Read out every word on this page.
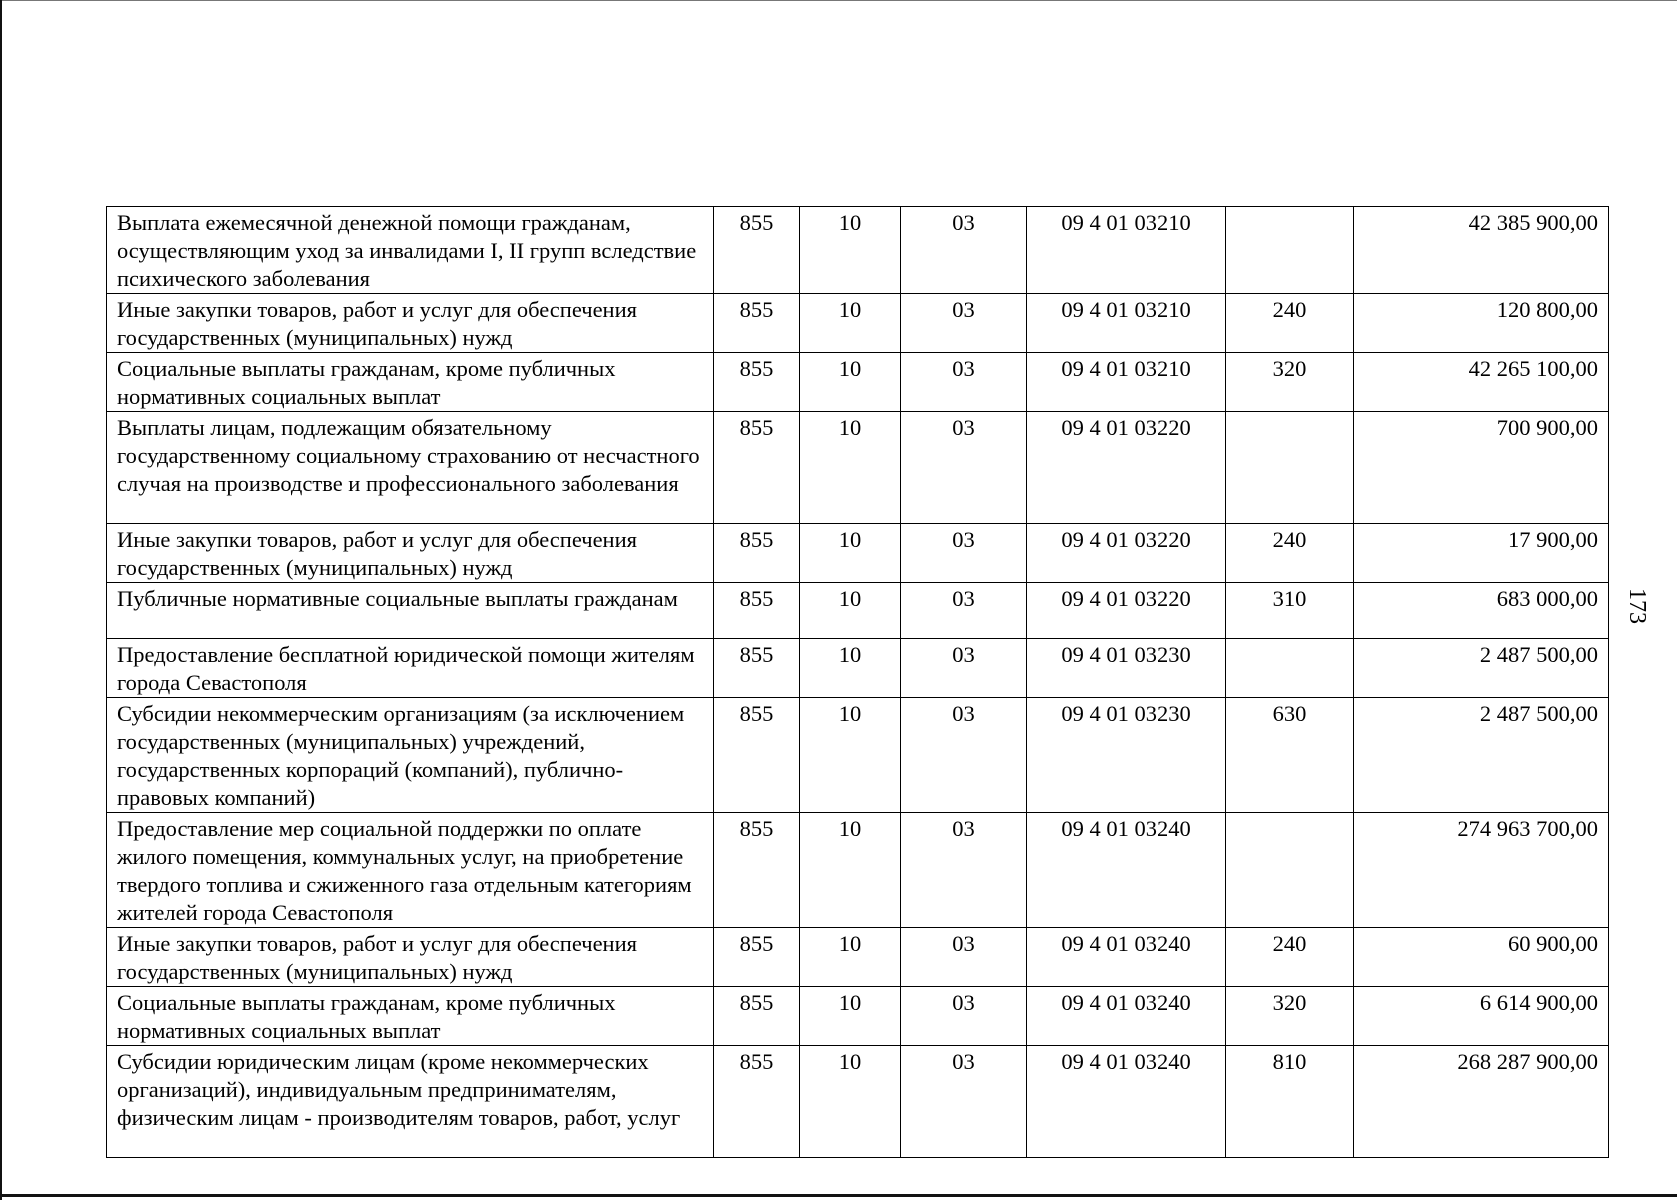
Выплата ежемесячной денежной помощи гражданам, осуществляющим уход за инвалидами I, II групп вследствие психического заболевания	855	10	03	09 4 01 03210		42 385 900,00
Иные закупки товаров, работ и услуг для обеспечения государственных (муниципальных) нужд	855	10	03	09 4 01 03210	240	120 800,00
Социальные выплаты гражданам, кроме публичных нормативных социальных выплат	855	10	03	09 4 01 03210	320	42 265 100,00
Выплаты лицам, подлежащим обязательному государственному социальному страхованию от несчастного случая на производстве и профессионального заболевания	855	10	03	09 4 01 03220		700 900,00
Иные закупки товаров, работ и услуг для обеспечения государственных (муниципальных) нужд	855	10	03	09 4 01 03220	240	17 900,00
Публичные нормативные социальные выплаты гражданам	855	10	03	09 4 01 03220	310	683 000,00
Предоставление бесплатной юридической помощи жителям города Севастополя	855	10	03	09 4 01 03230		2 487 500,00
Субсидии некоммерческим организациям (за исключением государственных (муниципальных) учреждений, государственных корпораций (компаний), публично-правовых компаний)	855	10	03	09 4 01 03230	630	2 487 500,00
Предоставление мер социальной поддержки по оплате жилого помещения, коммунальных услуг, на приобретение твердого топлива и сжиженного газа отдельным категориям жителей города Севастополя	855	10	03	09 4 01 03240		274 963 700,00
Иные закупки товаров, работ и услуг для обеспечения государственных (муниципальных) нужд	855	10	03	09 4 01 03240	240	60 900,00
Социальные выплаты гражданам, кроме публичных нормативных социальных выплат	855	10	03	09 4 01 03240	320	6 614 900,00
Субсидии юридическим лицам (кроме некоммерческих организаций), индивидуальным предпринимателям, физическим лицам - производителям товаров, работ, услуг	855	10	03	09 4 01 03240	810	268 287 900,00
173
